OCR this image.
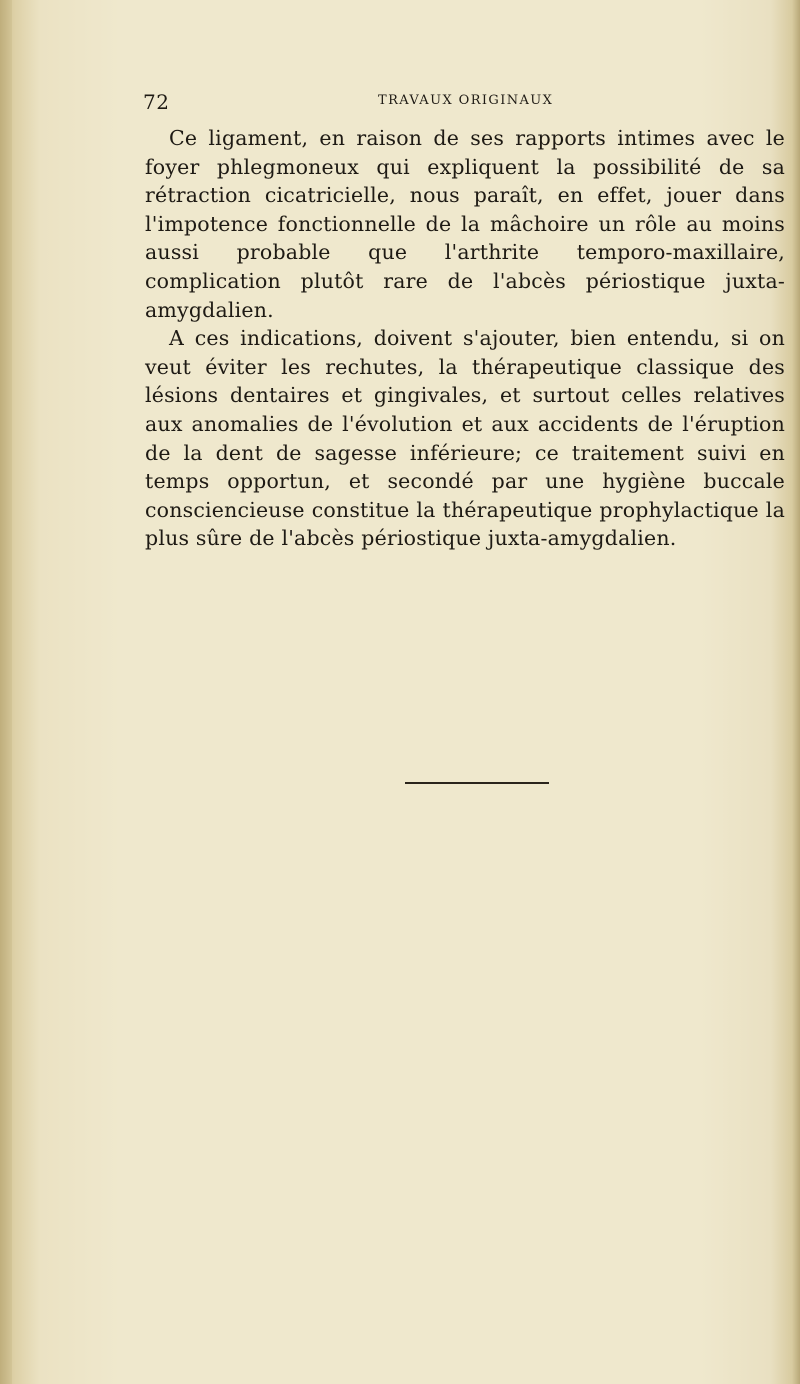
72	TRAVAUX ORIGINAUX

Ce ligament, en raison de ses rapports intimes avec le foyer phlegmoneux qui expliquent la possibilité de sa rétraction cicatricielle, nous paraît, en effet, jouer dans l'impotence fonctionnelle de la mâchoire un rôle au moins aussi probable que l'arthrite temporo-maxillaire, complication plutôt rare de l'abcès périostique juxta-amygdalien.

A ces indications, doivent s'ajouter, bien entendu, si on veut éviter les rechutes, la thérapeutique classique des lésions dentaires et gingivales, et surtout celles relatives aux anomalies de l'évolution et aux accidents de l'éruption de la dent de sagesse inférieure; ce traitement suivi en temps opportun, et secondé par une hygiène buccale consciencieuse constitue la thérapeutique prophylactique la plus sûre de l'abcès périostique juxta-amygdalien.
